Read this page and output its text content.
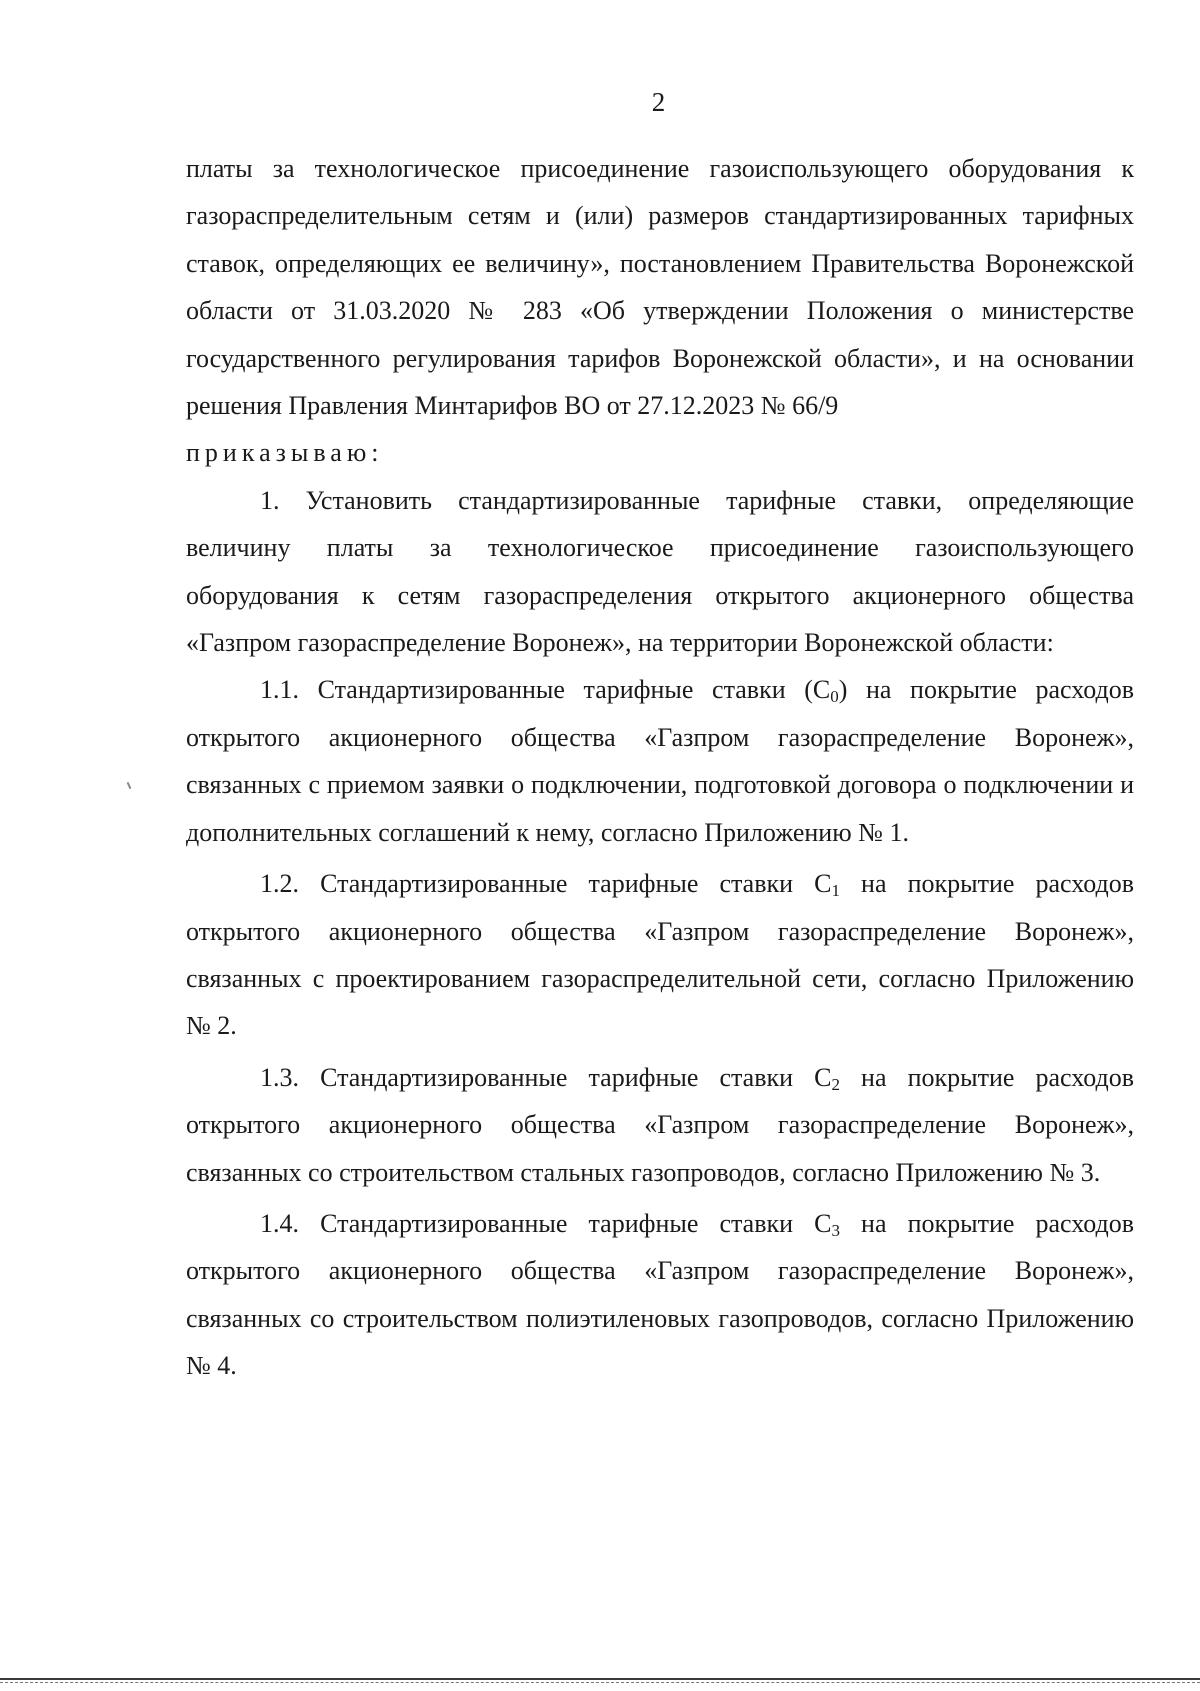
2

платы за технологическое присоединение газоиспользующего оборудования к газораспределительным сетям и (или) размеров стандартизированных тарифных ставок, определяющих ее величину», постановлением Правительства Воронежской области от 31.03.2020 № 283 «Об утверждении Положения о министерстве государственного регулирования тарифов Воронежской области», и на основании решения Правления Минтарифов ВО от 27.12.2023 № 66/9

приказываю:

1. Установить стандартизированные тарифные ставки, определяющие величину платы за технологическое присоединение газоиспользующего оборудования к сетям газораспределения открытого акционерного общества «Газпром газораспределение Воронеж», на территории Воронежской области:

1.1. Стандартизированные тарифные ставки $(С_0)$ на покрытие расходов открытого акционерного общества «Газпром газораспределение Воронеж», связанных с приемом заявки о подключении, подготовкой договора о подключении и дополнительных соглашений к нему, согласно Приложению № 1.

1.2. Стандартизированные тарифные ставки $С_1$ на покрытие расходов открытого акционерного общества «Газпром газораспределение Воронеж», связанных с проектированием газораспределительной сети, согласно Приложению № 2.

1.3. Стандартизированные тарифные ставки $С_2$ на покрытие расходов открытого акционерного общества «Газпром газораспределение Воронеж», связанных со строительством стальных газопроводов, согласно Приложению № 3.

1.4. Стандартизированные тарифные ставки $С_3$ на покрытие расходов открытого акционерного общества «Газпром газораспределение Воронеж», связанных со строительством полиэтиленовых газопроводов, согласно Приложению № 4.
